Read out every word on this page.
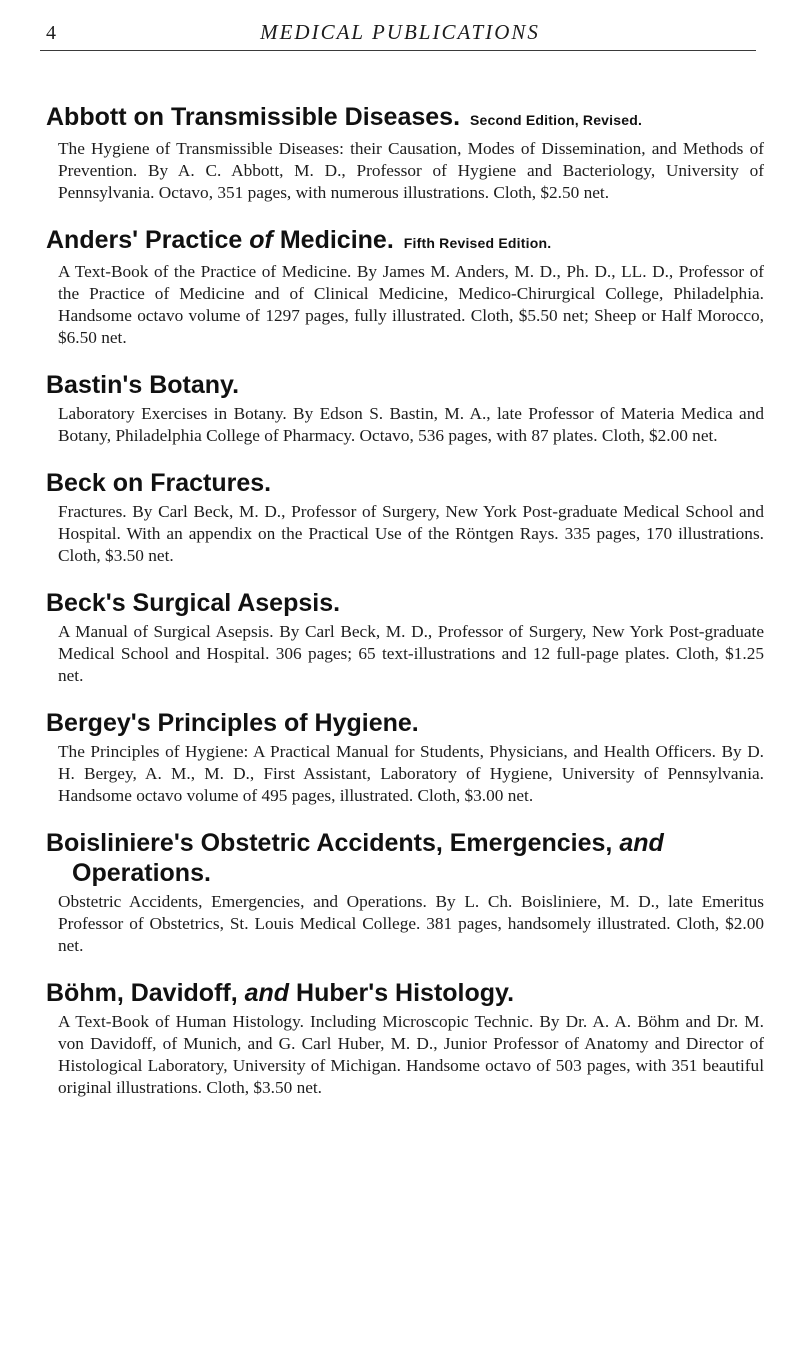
4	MEDICAL PUBLICATIONS
Abbott on Transmissible Diseases. Second Edition, Revised.

The Hygiene of Transmissible Diseases: their Causation, Modes of Dissemination, and Methods of Prevention. By A. C. Abbott, M. D., Professor of Hygiene and Bacteriology, University of Pennsylvania. Octavo, 351 pages, with numerous illustrations. Cloth, $2.50 net.

Anders' Practice of Medicine. Fifth Revised Edition.

A Text-Book of the Practice of Medicine. By James M. Anders, M. D., Ph. D., LL. D., Professor of the Practice of Medicine and of Clinical Medicine, Medico-Chirurgical College, Philadelphia. Handsome octavo volume of 1297 pages, fully illustrated. Cloth, $5.50 net; Sheep or Half Morocco, $6.50 net.

Bastin's Botany.

Laboratory Exercises in Botany. By Edson S. Bastin, M. A., late Professor of Materia Medica and Botany, Philadelphia College of Pharmacy. Octavo, 536 pages, with 87 plates. Cloth, $2.00 net.

Beck on Fractures.

Fractures. By Carl Beck, M. D., Professor of Surgery, New York Post-graduate Medical School and Hospital. With an appendix on the Practical Use of the Röntgen Rays. 335 pages, 170 illustrations. Cloth, $3.50 net.

Beck's Surgical Asepsis.

A Manual of Surgical Asepsis. By Carl Beck, M. D., Professor of Surgery, New York Post-graduate Medical School and Hospital. 306 pages; 65 text-illustrations and 12 full-page plates. Cloth, $1.25 net.

Bergey's Principles of Hygiene.

The Principles of Hygiene: A Practical Manual for Students, Physicians, and Health Officers. By D. H. Bergey, A. M., M. D., First Assistant, Laboratory of Hygiene, University of Pennsylvania. Handsome octavo volume of 495 pages, illustrated. Cloth, $3.00 net.

Boisliniere's Obstetric Accidents, Emergencies, and
Operations.

Obstetric Accidents, Emergencies, and Operations. By L. Ch. Boisliniere, M. D., late Emeritus Professor of Obstetrics, St. Louis Medical College. 381 pages, handsomely illustrated. Cloth, $2.00 net.

Böhm, Davidoff, and Huber's Histology.

A Text-Book of Human Histology. Including Microscopic Technic. By Dr. A. A. Böhm and Dr. M. von Davidoff, of Munich, and G. Carl Huber, M. D., Junior Professor of Anatomy and Director of Histological Laboratory, University of Michigan. Handsome octavo of 503 pages, with 351 beautiful original illustrations. Cloth, $3.50 net.
